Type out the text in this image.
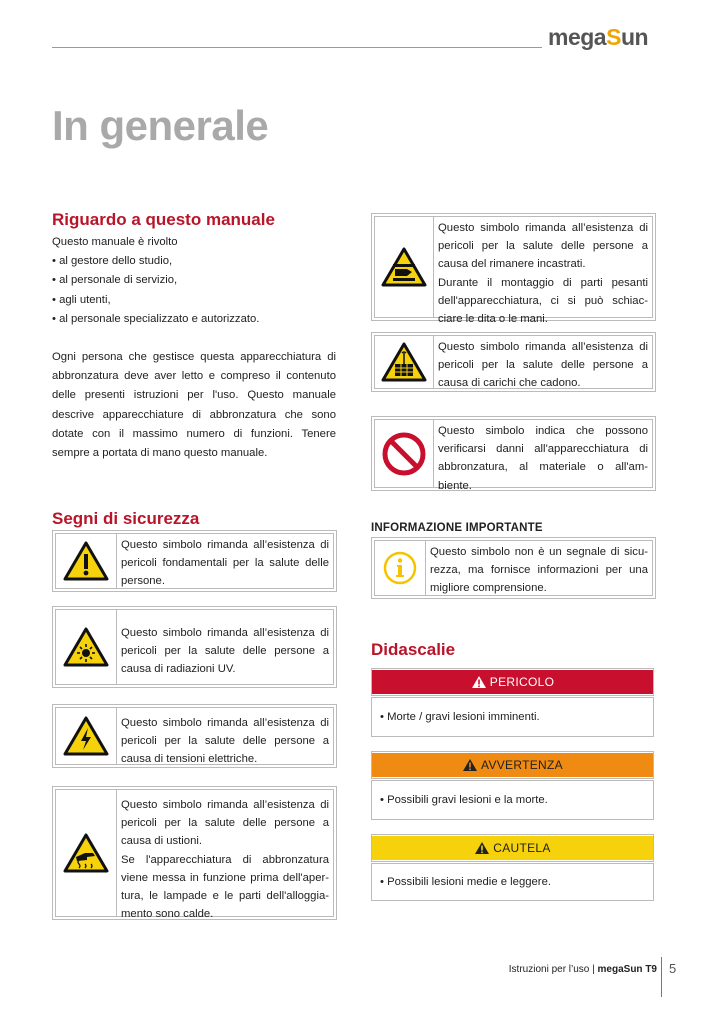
megaSun
In generale
Riguardo a questo manuale

Questo manuale è rivolto

• al gestore dello studio,
• al personale di servizio,
• agli utenti,
• al personale specializzato e autorizzato.
Ogni persona che gestisce questa apparecchiatura di abbronzatura deve aver letto e compreso il contenuto delle presenti istruzioni per l'uso. Questo manuale descrive apparecchiature di abbronzatura che sono dotate con il massimo numero di funzioni. Tenere sempre a portata di mano questo manuale.
Segni di sicurezza
Questo simbolo rimanda all’esistenza di pericoli fondamentali per la salute delle persone.
Questo simbolo rimanda all’esistenza di pericoli per la salute delle persone a causa di radiazioni UV.
Questo simbolo rimanda all’esistenza di pericoli per la salute delle persone a causa di tensioni elettriche.
Questo simbolo rimanda all’esistenza di pericoli per la salute delle persone a causa di ustioni.
Se l'apparecchiatura di abbronzatura viene messa in funzione prima dell'aper-tura, le lampade e le parti dell'alloggia-mento sono calde.
Questo simbolo rimanda all’esistenza di pericoli per la salute delle persone a causa del rimanere incastrati.
Durante il montaggio di parti pesanti dell'apparecchiatura, ci si può schiac-ciare le dita o le mani.
Questo simbolo rimanda all’esistenza di pericoli per la salute delle persone a causa di carichi che cadono.
Questo simbolo indica che possono verificarsi danni all'apparecchiatura di abbronzatura, al materiale o all'am-biente.
INFORMAZIONE IMPORTANTE
Questo simbolo non è un segnale di sicu-rezza, ma fornisce informazioni per una migliore comprensione.
Didascalie
PERICOLO
• Morte / gravi lesioni imminenti.
AVVERTENZA
• Possibili gravi lesioni e la morte.
CAUTELA
• Possibili lesioni medie e leggere.
Istruzioni per l’uso | megaSun T9 5
